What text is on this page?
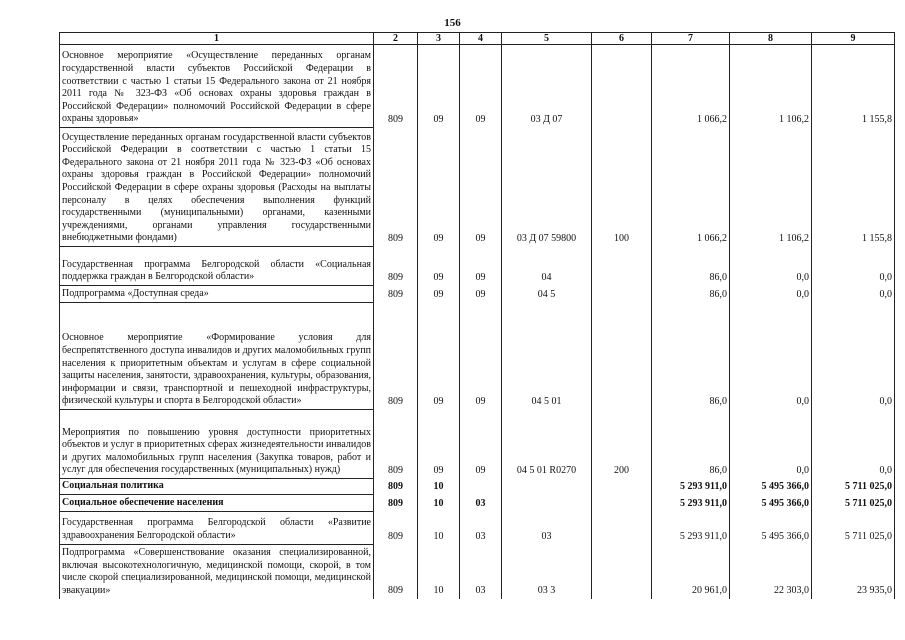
156
1	2	3	4	5	6	7	8	9
Основное мероприятие «Осуществление переданных органам государственной власти субъектов Российской Федерации в соответствии с частью 1 статьи 15 Федерального закона от 21 ноября 2011 года № 323-ФЗ «Об основах охраны здоровья граждан в Российской Федерации» полномочий Российской Федерации в сфере охраны здоровья»	809	09	09	03 Д 07		1 066,2	1 106,2	1 155,8
Осуществление переданных органам государственной власти субъектов Российской Федерации в соответствии с частью 1 статьи 15 Федерального закона от 21 ноября 2011 года № 323-ФЗ «Об основах охраны здоровья граждан в Российской Федерации» полномочий Российской Федерации в сфере охраны здоровья (Расходы на выплаты персоналу в целях обеспечения выполнения функций государственными (муниципальными) органами, казенными учреждениями, органами управления государственными внебюджетными фондами)	809	09	09	03 Д 07 59800	100	1 066,2	1 106,2	1 155,8
Государственная программа Белгородской области «Социальная поддержка граждан в Белгородской области»	809	09	09	04		86,0	0,0	0,0
Подпрограмма «Доступная среда»	809	09	09	04 5		86,0	0,0	0,0
Основное мероприятие «Формирование условия для беспрепятственного доступа инвалидов и других маломобильных групп населения к приоритетным объектам и услугам в сфере социальной защиты населения, занятости, здравоохранения, культуры, образования, информации и связи, транспортной и пешеходной инфраструктуры, физической культуры и спорта в Белгородской области»	809	09	09	04 5 01		86,0	0,0	0,0
Мероприятия по повышению уровня доступности приоритетных объектов и услуг в приоритетных сферах жизнедеятельности инвалидов и других маломобильных групп населения (Закупка товаров, работ и услуг для обеспечения государственных (муниципальных) нужд)	809	09	09	04 5 01 R0270	200	86,0	0,0	0,0
Социальная политика	809	10				5 293 911,0	5 495 366,0	5 711 025,0
Социальное обеспечение населения	809	10	03			5 293 911,0	5 495 366,0	5 711 025,0
Государственная программа Белгородской области «Развитие здравоохранения Белгородской области»	809	10	03	03		5 293 911,0	5 495 366,0	5 711 025,0
Подпрограмма «Совершенствование оказания специализированной, включая высокотехнологичную, медицинской помощи, скорой, в том числе скорой специализированной, медицинской помощи, медицинской эвакуации»	809	10	03	03 3		20 961,0	22 303,0	23 935,0
